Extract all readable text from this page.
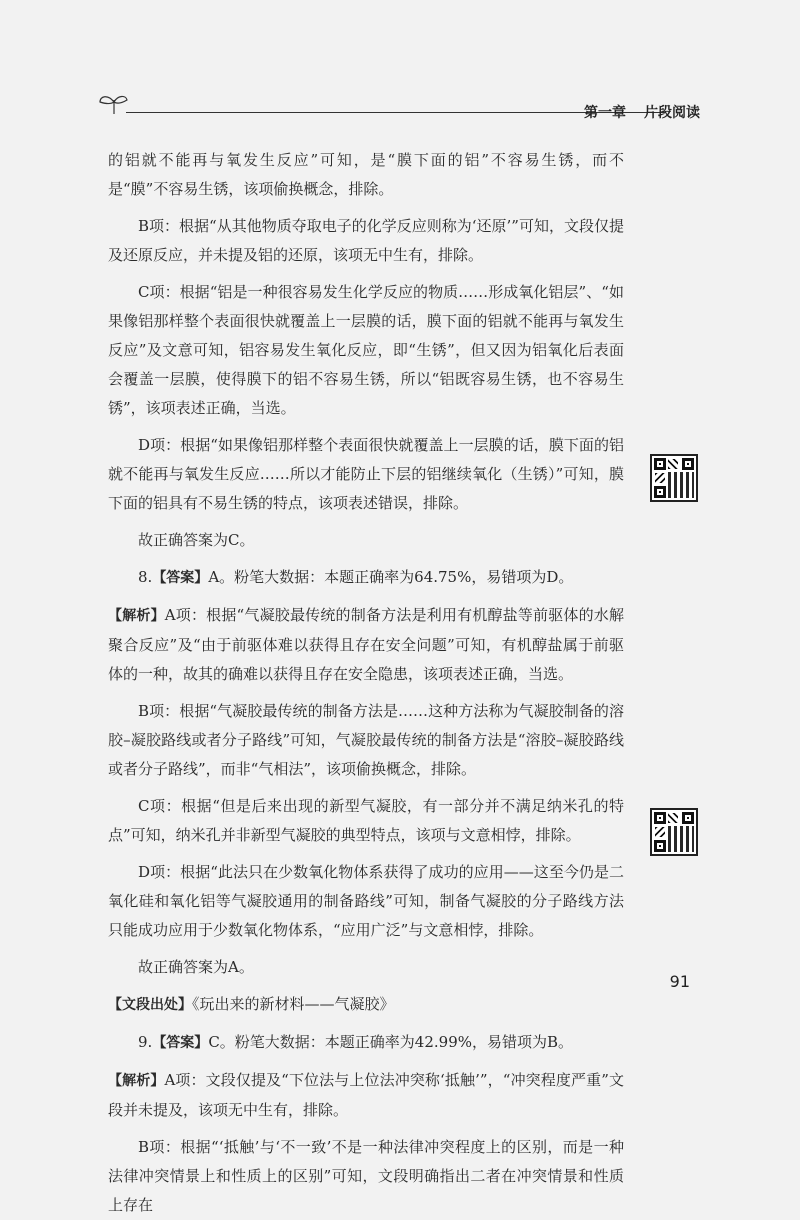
第一章 片段阅读

的铝就不能再与氧发生反应”可知，是“膜下面的铝”不容易生锈，而不是“膜”不容易生锈，该项偷换概念，排除。

B项：根据“从其他物质夺取电子的化学反应则称为‘还原’”可知，文段仅提及还原反应，并未提及铝的还原，该项无中生有，排除。

C项：根据“铝是一种很容易发生化学反应的物质……形成氧化铝层”、“如果像铝那样整个表面很快就覆盖上一层膜的话，膜下面的铝就不能再与氧发生反应”及文意可知，铝容易发生氧化反应，即“生锈”，但又因为铝氧化后表面会覆盖一层膜，使得膜下的铝不容易生锈，所以“铝既容易生锈，也不容易生锈”，该项表述正确，当选。

D项：根据“如果像铝那样整个表面很快就覆盖上一层膜的话，膜下面的铝就不能再与氧发生反应……所以才能防止下层的铝继续氧化（生锈）”可知，膜下面的铝具有不易生锈的特点，该项表述错误，排除。

故正确答案为C。

8.【答案】A。粉笔大数据：本题正确率为64.75%，易错项为D。

【解析】A项：根据“气凝胶最传统的制备方法是利用有机醇盐等前驱体的水解聚合反应”及“由于前驱体难以获得且存在安全问题”可知，有机醇盐属于前驱体的一种，故其的确难以获得且存在安全隐患，该项表述正确，当选。

B项：根据“气凝胶最传统的制备方法是……这种方法称为气凝胶制备的溶胶–凝胶路线或者分子路线”可知，气凝胶最传统的制备方法是“溶胶–凝胶路线或者分子路线”，而非“气相法”，该项偷换概念，排除。

C项：根据“但是后来出现的新型气凝胶，有一部分并不满足纳米孔的特点”可知，纳米孔并非新型气凝胶的典型特点，该项与文意相悖，排除。

D项：根据“此法只在少数氧化物体系获得了成功的应用——这至今仍是二氧化硅和氧化铝等气凝胶通用的制备路线”可知，制备气凝胶的分子路线方法只能成功应用于少数氧化物体系，“应用广泛”与文意相悖，排除。

故正确答案为A。

【文段出处】《玩出来的新材料——气凝胶》

9.【答案】C。粉笔大数据：本题正确率为42.99%，易错项为B。

【解析】A项：文段仅提及“下位法与上位法冲突称‘抵触’”，“冲突程度严重”文段并未提及，该项无中生有，排除。

B项：根据“‘抵触’与‘不一致’不是一种法律冲突程度上的区别，而是一种法律冲突情景上和性质上的区别”可知，文段明确指出二者在冲突情景和性质上存在

91
